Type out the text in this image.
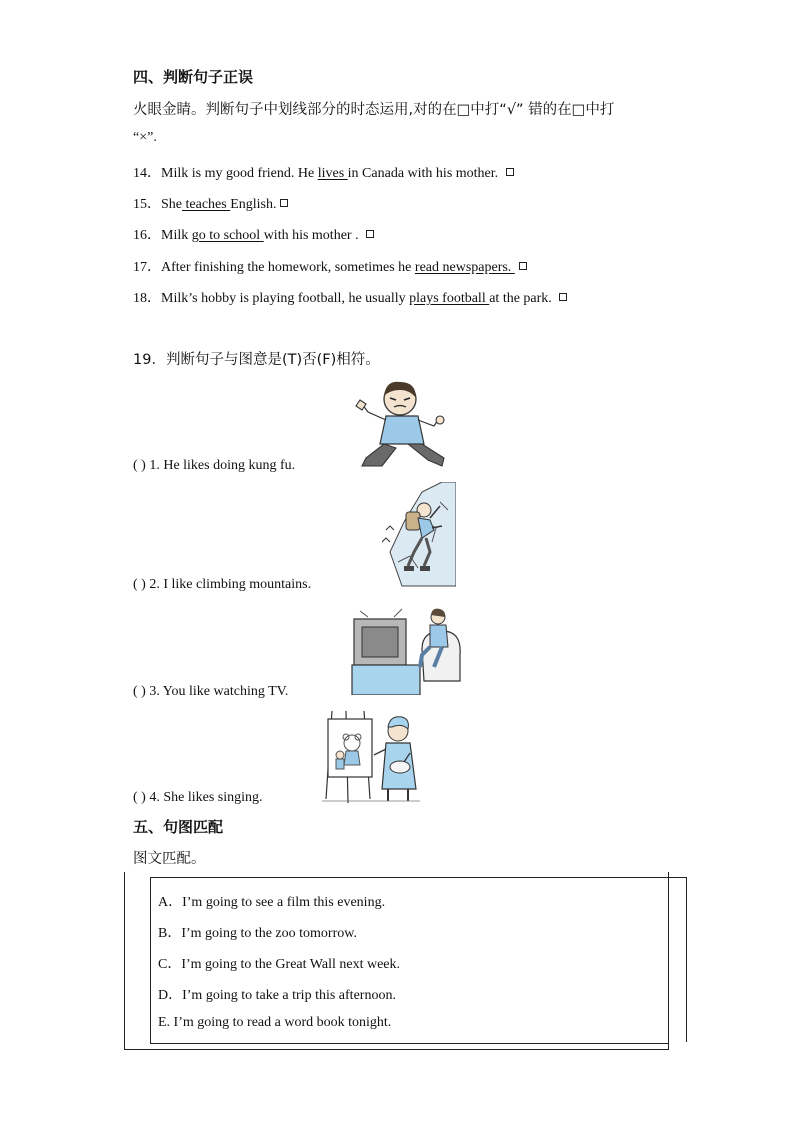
四、判断句子正误
火眼金睛。判断句子中划线部分的时态运用,对的在□中打“√” 错的在□中打
“×”.
14．Milk is my good friend. He lives in Canada with his mother.
15．She teaches English.
16．Milk go to school with his mother .
17．After finishing the homework, sometimes he read newspapers.
18．Milk’s hobby is playing football, he usually plays football at the park.
19．判断句子与图意是(T)否(F)相符。
( ) 1. He likes doing kung fu.
( ) 2. I like climbing mountains.
( ) 3. You like watching TV.
( ) 4. She likes singing.
五、句图匹配
图文匹配。
A．I’m going to see a film this evening.
B．I’m going to the zoo tomorrow.
C．I’m going to the Great Wall next week.
D．I’m going to take a trip this afternoon.
E. I’m going to read a word book tonight.
